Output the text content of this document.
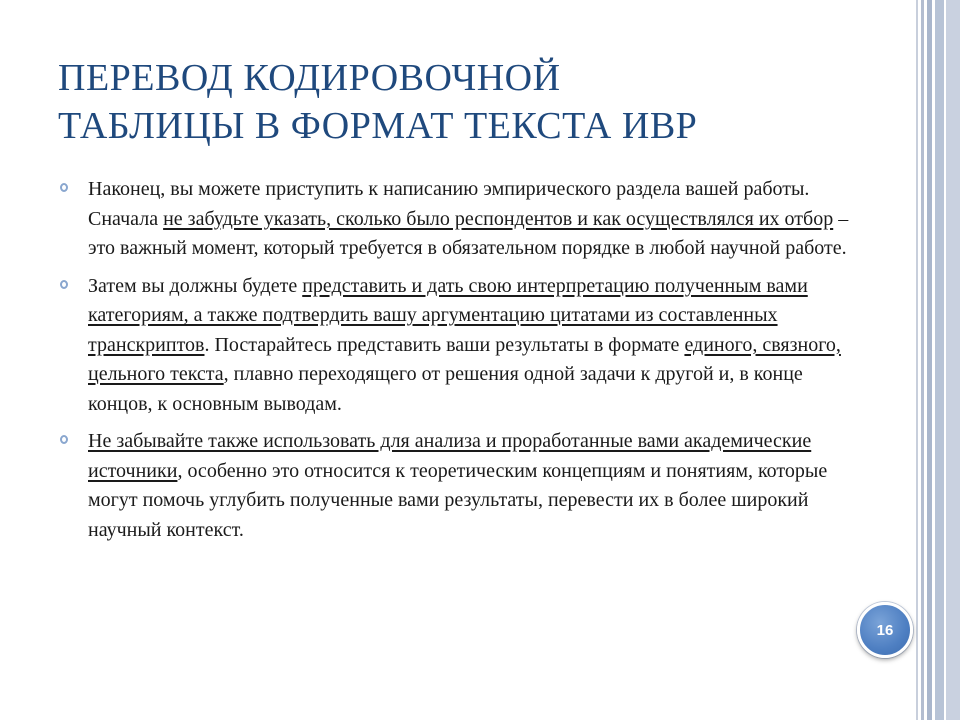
ПЕРЕВОД КОДИРОВОЧНОЙ
ТАБЛИЦЫ В ФОРМАТ ТЕКСТА ИВР
Наконец, вы можете приступить к написанию эмпирического раздела вашей работы. Сначала не забудьте указать, сколько было респондентов и как осуществлялся их отбор – это важный момент, который требуется в обязательном порядке в любой научной работе.
Затем вы должны будете представить и дать свою интерпретацию полученным вами категориям, а также подтвердить вашу аргументацию цитатами из составленных транскриптов. Постарайтесь представить ваши результаты в формате единого, связного, цельного текста, плавно переходящего от решения одной задачи к другой и, в конце концов, к основным выводам.
Не забывайте также использовать для анализа и проработанные вами академические источники, особенно это относится к теоретическим концепциям и понятиям, которые могут помочь углубить полученные вами результаты, перевести их в более широкий научный контекст.
16
